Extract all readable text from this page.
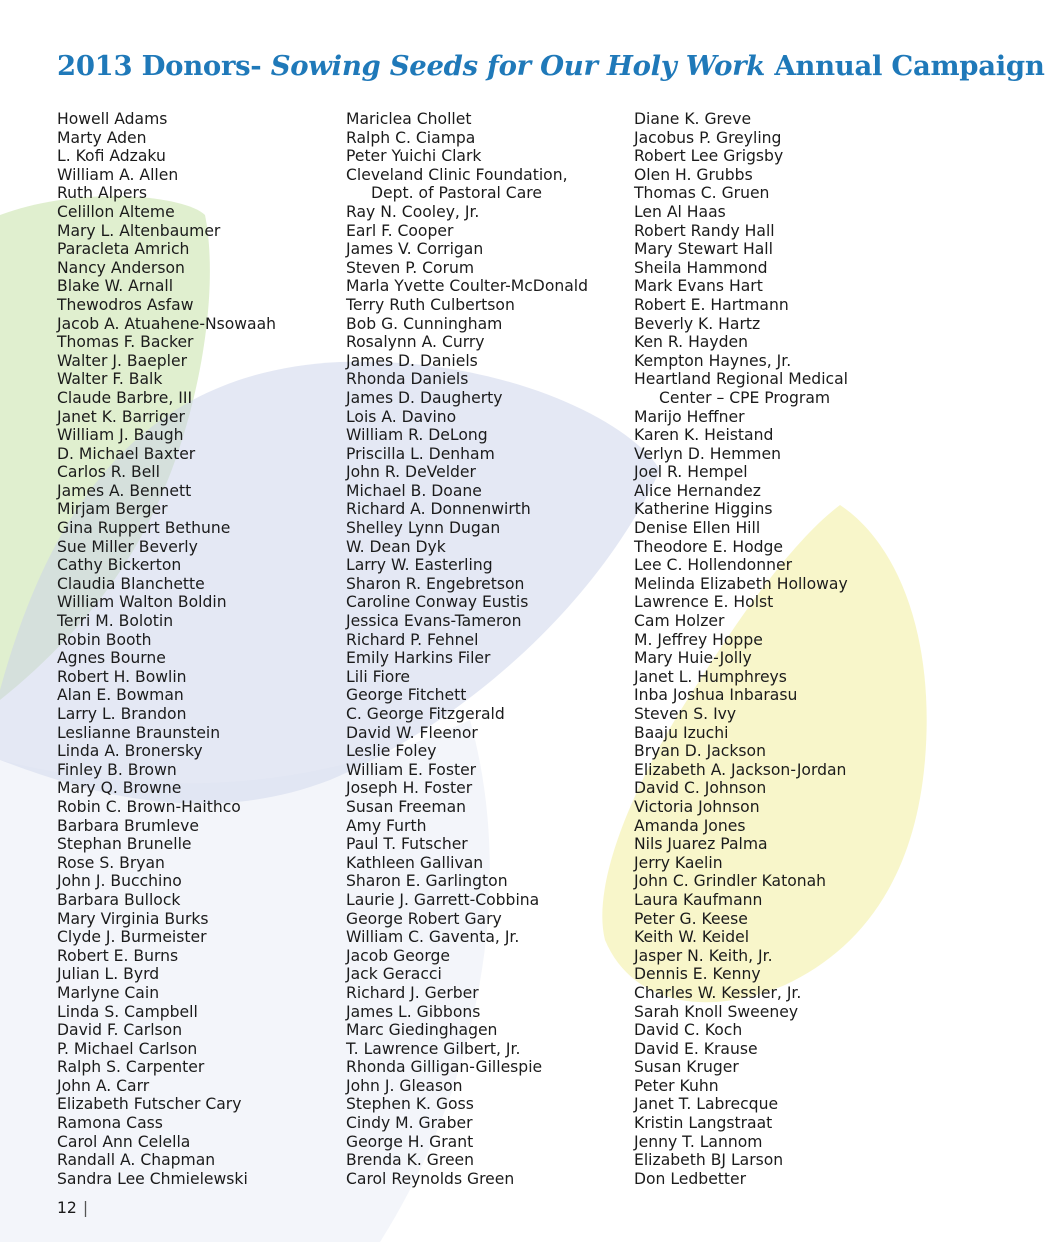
2013 Donors- Sowing Seeds for Our Holy Work Annual Campaign
Howell Adams
Marty Aden
L. Kofi Adzaku
William A. Allen
Ruth Alpers
Celillon Alteme
Mary L. Altenbaumer
Paracleta Amrich
Nancy Anderson
Blake W. Arnall
Thewodros Asfaw
Jacob A. Atuahene-Nsowaah
Thomas F. Backer
Walter J. Baepler
Walter F. Balk
Claude Barbre, III
Janet K. Barriger
William J. Baugh
D. Michael Baxter
Carlos R. Bell
James A. Bennett
Mirjam Berger
Gina Ruppert Bethune
Sue Miller Beverly
Cathy Bickerton
Claudia Blanchette
William Walton Boldin
Terri M. Bolotin
Robin Booth
Agnes Bourne
Robert H. Bowlin
Alan E. Bowman
Larry L. Brandon
Leslianne Braunstein
Linda A. Bronersky
Finley B. Brown
Mary Q. Browne
Robin C. Brown-Haithco
Barbara Brumleve
Stephan Brunelle
Rose S. Bryan
John J. Bucchino
Barbara Bullock
Mary Virginia Burks
Clyde J. Burmeister
Robert E. Burns
Julian L. Byrd
Marlyne Cain
Linda S. Campbell
David F. Carlson
P. Michael Carlson
Ralph S. Carpenter
John A. Carr
Elizabeth Futscher Cary
Ramona Cass
Carol Ann Celella
Randall A. Chapman
Sandra Lee Chmielewski
Mariclea Chollet
Ralph C. Ciampa
Peter Yuichi Clark
Cleveland Clinic Foundation,
Dept. of Pastoral Care
Ray N. Cooley, Jr.
Earl F. Cooper
James V. Corrigan
Steven P. Corum
Marla Yvette Coulter-McDonald
Terry Ruth Culbertson
Bob G. Cunningham
Rosalynn A. Curry
James D. Daniels
Rhonda Daniels
James D. Daugherty
Lois A. Davino
William R. DeLong
Priscilla L. Denham
John R. DeVelder
Michael B. Doane
Richard A. Donnenwirth
Shelley Lynn Dugan
W. Dean Dyk
Larry W. Easterling
Sharon R. Engebretson
Caroline Conway Eustis
Jessica Evans-Tameron
Richard P. Fehnel
Emily Harkins Filer
Lili Fiore
George Fitchett
C. George Fitzgerald
David W. Fleenor
Leslie Foley
William E. Foster
Joseph H. Foster
Susan Freeman
Amy Furth
Paul T. Futscher
Kathleen Gallivan
Sharon E. Garlington
Laurie J. Garrett-Cobbina
George Robert Gary
William C. Gaventa, Jr.
Jacob George
Jack Geracci
Richard J. Gerber
James L. Gibbons
Marc Giedinghagen
T. Lawrence Gilbert, Jr.
Rhonda Gilligan-Gillespie
John J. Gleason
Stephen K. Goss
Cindy M. Graber
George H. Grant
Brenda K. Green
Carol Reynolds Green
Diane K. Greve
Jacobus P. Greyling
Robert Lee Grigsby
Olen H. Grubbs
Thomas C. Gruen
Len Al Haas
Robert Randy Hall
Mary Stewart Hall
Sheila Hammond
Mark Evans Hart
Robert E. Hartmann
Beverly K. Hartz
Ken R. Hayden
Kempton Haynes, Jr.
Heartland Regional Medical
Center – CPE Program
Marijo Heffner
Karen K. Heistand
Verlyn D. Hemmen
Joel R. Hempel
Alice Hernandez
Katherine Higgins
Denise Ellen Hill
Theodore E. Hodge
Lee C. Hollendonner
Melinda Elizabeth Holloway
Lawrence E. Holst
Cam Holzer
M. Jeffrey Hoppe
Mary Huie-Jolly
Janet L. Humphreys
Inba Joshua Inbarasu
Steven S. Ivy
Baaju Izuchi
Bryan D. Jackson
Elizabeth A. Jackson-Jordan
David C. Johnson
Victoria Johnson
Amanda Jones
Nils Juarez Palma
Jerry Kaelin
John C. Grindler Katonah
Laura Kaufmann
Peter G. Keese
Keith W. Keidel
Jasper N. Keith, Jr.
Dennis E. Kenny
Charles W. Kessler, Jr.
Sarah Knoll Sweeney
David C. Koch
David E. Krause
Susan Kruger
Peter Kuhn
Janet T. Labrecque
Kristin Langstraat
Jenny T. Lannom
Elizabeth BJ Larson
Don Ledbetter
12 |
